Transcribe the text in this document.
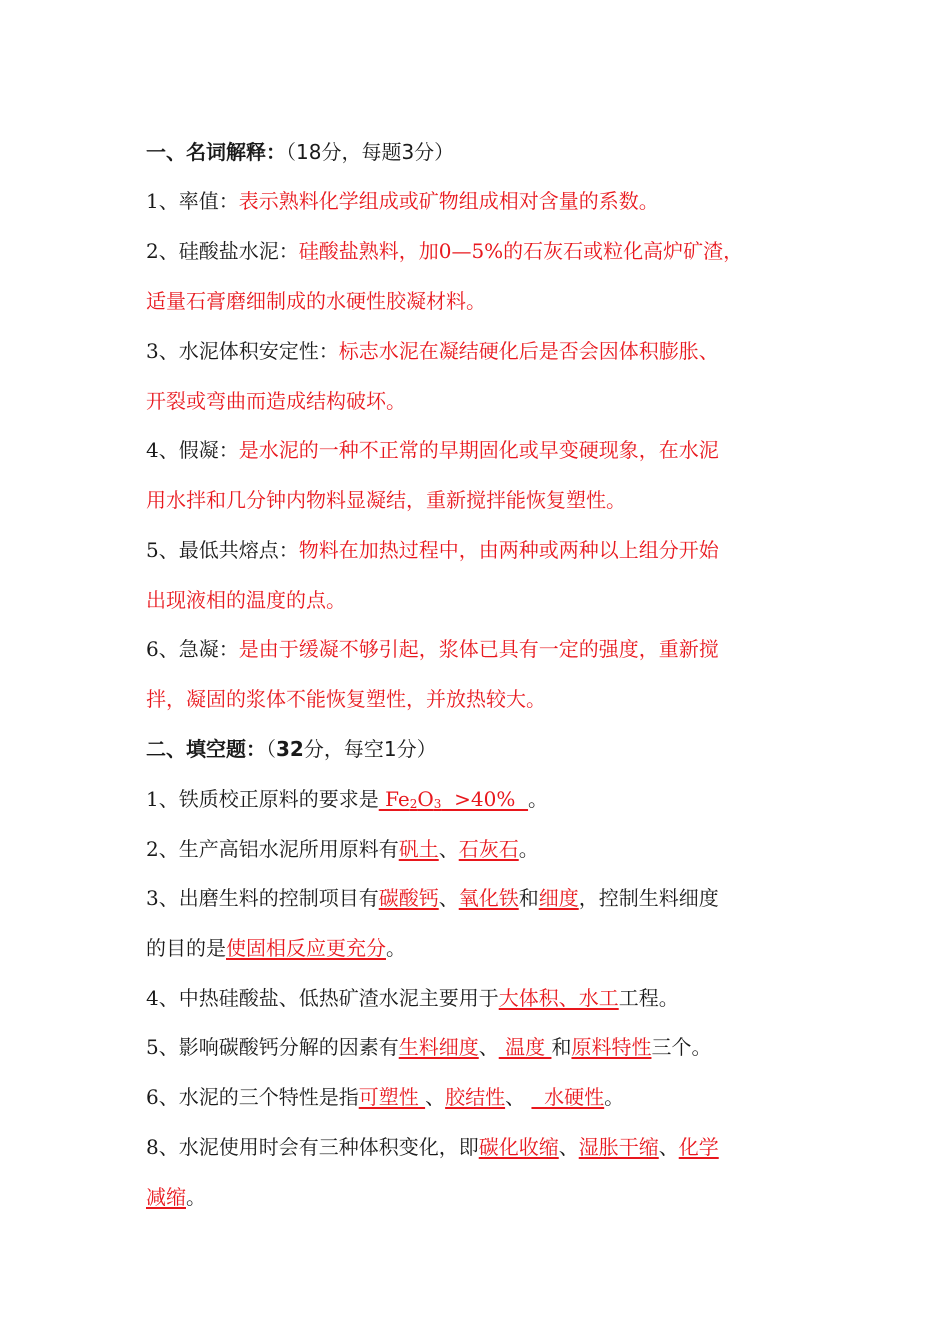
一、名词解释：（18分，每题3分）
1、率值：表示熟料化学组成或矿物组成相对含量的系数。
2、硅酸盐水泥：硅酸盐熟料，加0—5%的石灰石或粒化高炉矿渣，
适量石膏磨细制成的水硬性胶凝材料。
3、水泥体积安定性：标志水泥在凝结硬化后是否会因体积膨胀、
开裂或弯曲而造成结构破坏。
4、假凝：是水泥的一种不正常的早期固化或早变硬现象，在水泥
用水拌和几分钟内物料显凝结，重新搅拌能恢复塑性。
5、最低共熔点：物料在加热过程中，由两种或两种以上组分开始
出现液相的温度的点。
6、急凝：是由于缓凝不够引起，浆体已具有一定的强度，重新搅
拌，凝固的浆体不能恢复塑性，并放热较大。
二、填空题：（32分，每空1分）
1、铁质校正原料的要求是 $Fe_2O_3 >40\%$  。
2、生产高铝水泥所用原料有矾土、石灰石。
3、出磨生料的控制项目有碳酸钙、氧化铁和细度，控制生料细度
的目的是使固相反应更充分。
4、中热硅酸盐、低热矿渣水泥主要用于大体积、水工工程。
5、影响碳酸钙分解的因素有生料细度、 温度 和原料特性三个。
6、水泥的三个特性是指可塑性 、胶结性、   水硬性。
8、水泥使用时会有三种体积变化，即碳化收缩、湿胀干缩、化学
减缩。
